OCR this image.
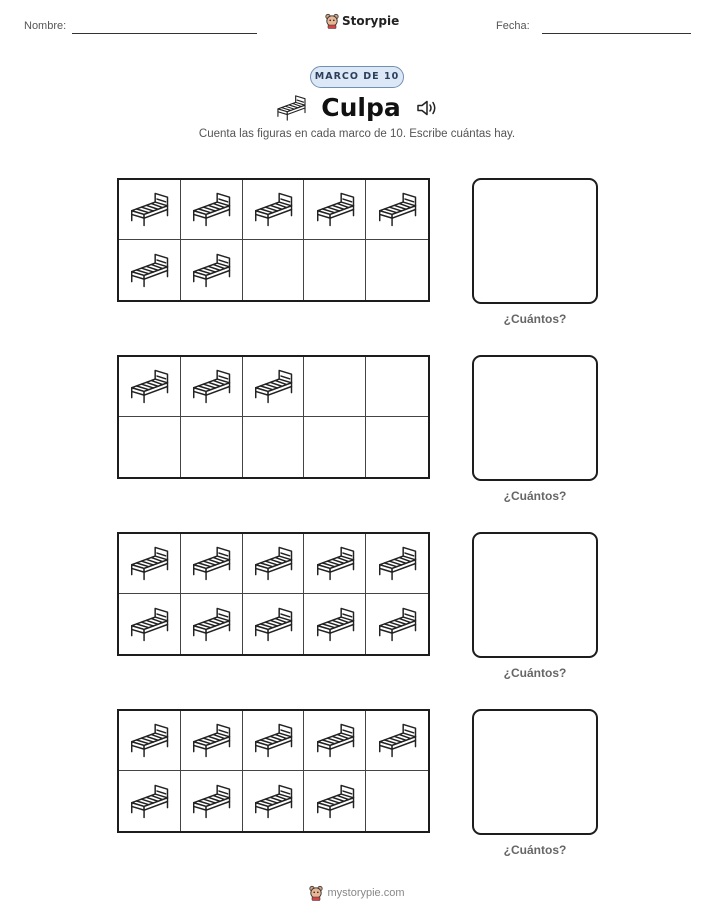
Nombre:	Storypie	Fecha:
MARCO DE 10
Culpa
Cuenta las figuras en cada marco de 10. Escribe cuántas hay.
¿Cuántos?
¿Cuántos?
¿Cuántos?
¿Cuántos?
mystorypie.com
